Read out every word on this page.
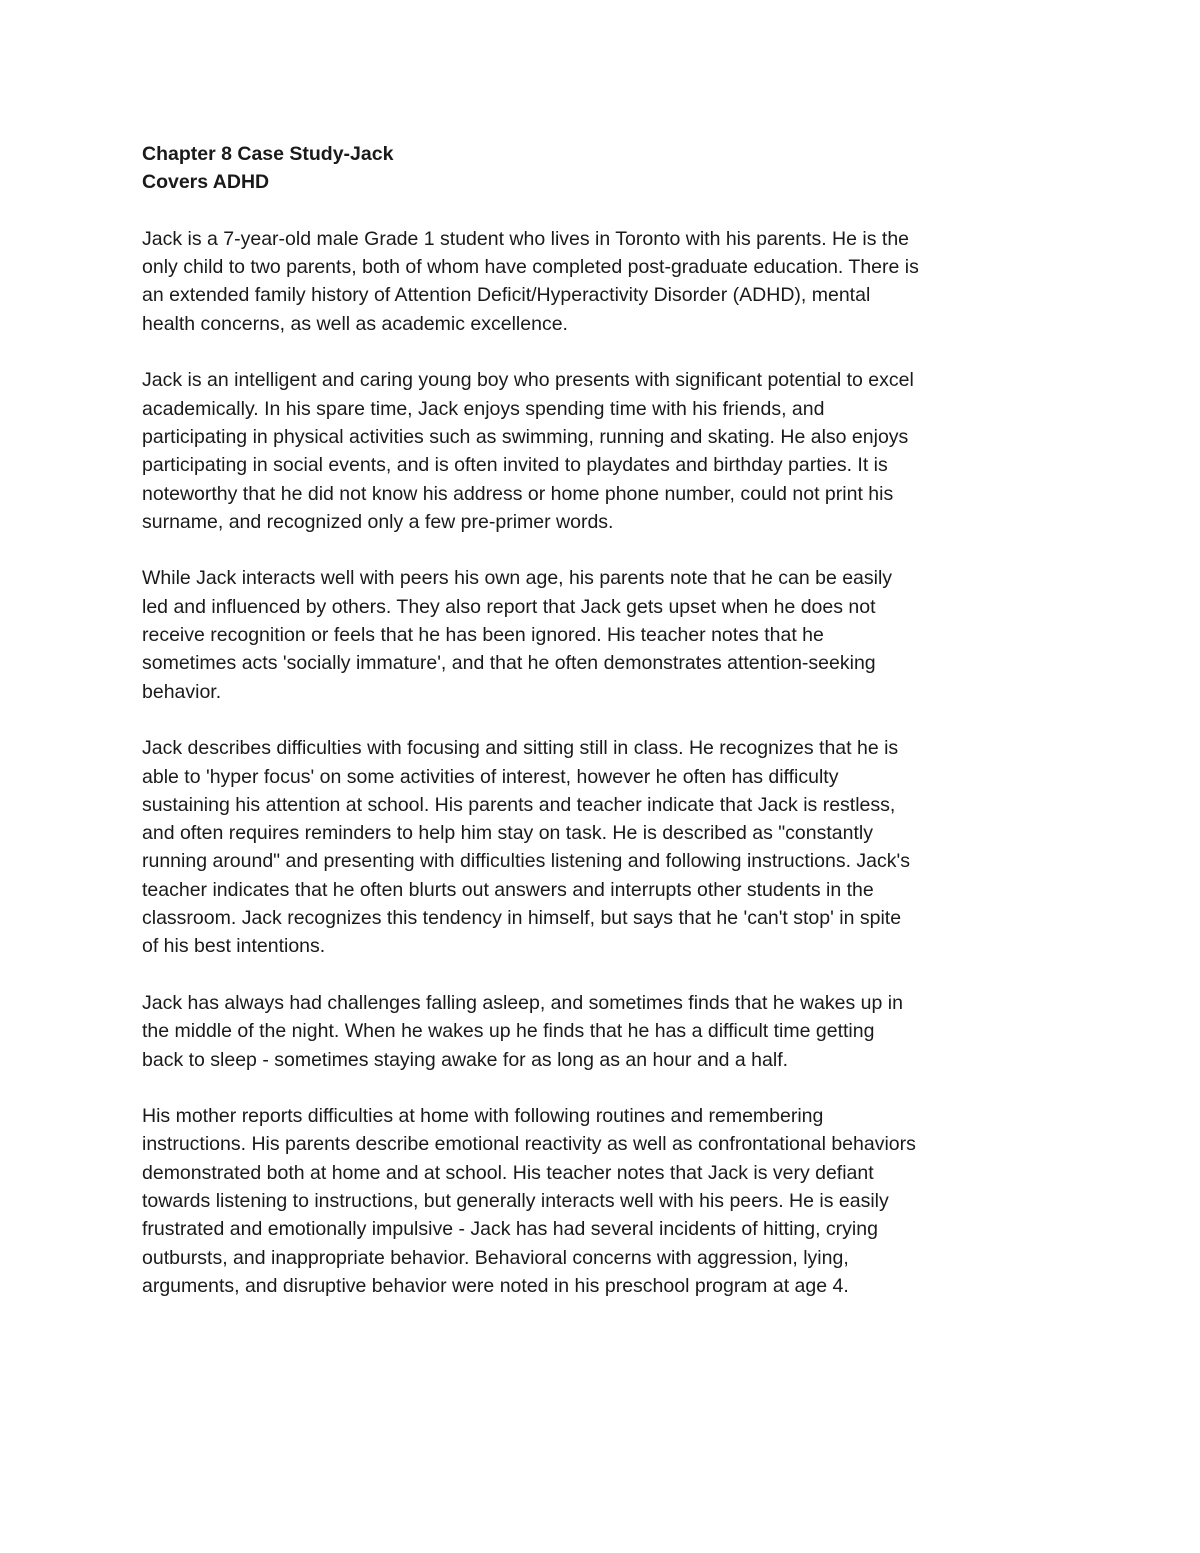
Chapter 8 Case Study-Jack

Covers ADHD

Jack is a 7-year-old male Grade 1 student who lives in Toronto with his parents. He is the
only child to two parents, both of whom have completed post-graduate education. There is
an extended family history of Attention Deficit/Hyperactivity Disorder (ADHD), mental
health concerns, as well as academic excellence.

Jack is an intelligent and caring young boy who presents with significant potential to excel
academically. In his spare time, Jack enjoys spending time with his friends, and
participating in physical activities such as swimming, running and skating. He also enjoys
participating in social events, and is often invited to playdates and birthday parties. It is
noteworthy that he did not know his address or home phone number, could not print his
surname, and recognized only a few pre-primer words.

While Jack interacts well with peers his own age, his parents note that he can be easily
led and influenced by others. They also report that Jack gets upset when he does not
receive recognition or feels that he has been ignored. His teacher notes that he
sometimes acts 'socially immature', and that he often demonstrates attention-seeking
behavior.

Jack describes difficulties with focusing and sitting still in class. He recognizes that he is
able to 'hyper focus' on some activities of interest, however he often has difficulty
sustaining his attention at school. His parents and teacher indicate that Jack is restless,
and often requires reminders to help him stay on task. He is described as "constantly
running around" and presenting with difficulties listening and following instructions. Jack's
teacher indicates that he often blurts out answers and interrupts other students in the
classroom. Jack recognizes this tendency in himself, but says that he 'can't stop' in spite
of his best intentions.

Jack has always had challenges falling asleep, and sometimes finds that he wakes up in
the middle of the night. When he wakes up he finds that he has a difficult time getting
back to sleep - sometimes staying awake for as long as an hour and a half.

His mother reports difficulties at home with following routines and remembering
instructions. His parents describe emotional reactivity as well as confrontational behaviors
demonstrated both at home and at school. His teacher notes that Jack is very defiant
towards listening to instructions, but generally interacts well with his peers. He is easily
frustrated and emotionally impulsive - Jack has had several incidents of hitting, crying
outbursts, and inappropriate behavior. Behavioral concerns with aggression, lying,
arguments, and disruptive behavior were noted in his preschool program at age 4.
